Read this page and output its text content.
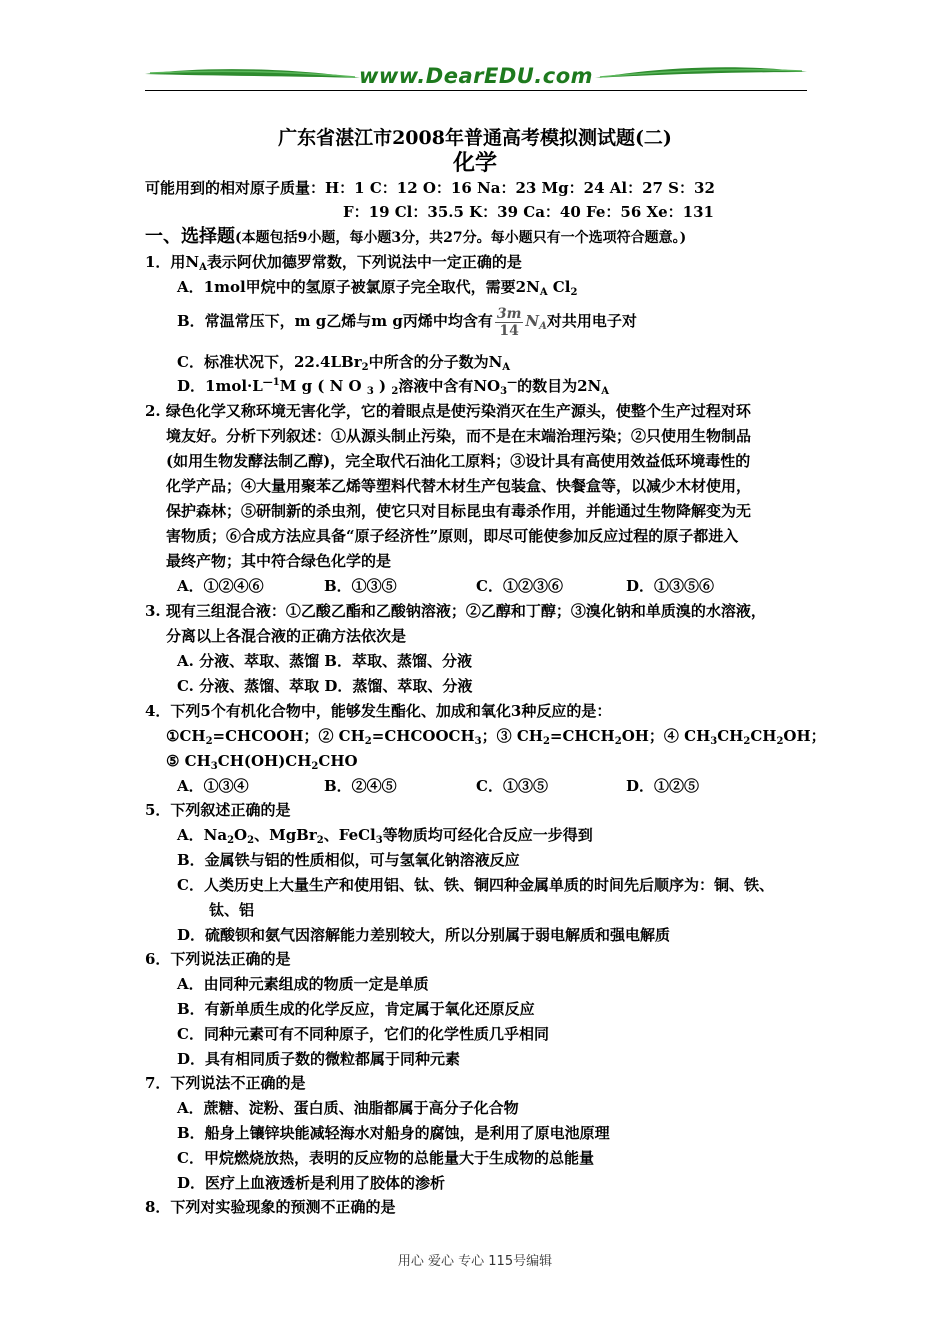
www.DearEDU.com
广东省湛江市2008年普通高考模拟测试题(二)
化学
可能用到的相对原子质量：H：1 C：12 O：16 Na：23 Mg：24 Al：27 S：32
F：19 Cl：35.5 K：39 Ca：40 Fe：56 Xe：131
一、选择题(本题包括9小题，每小题3分，共27分。每小题只有一个选项符合题意。)
1．用$N_A$表示阿伏加德罗常数，下列说法中一定正确的是
A．1mol甲烷中的氢原子被氯原子完全取代，需要$2N_A$ $Cl_2$
B．常温常压下，m g乙烯与m g丙烯中均含有 $\frac{3m}{14} N_A$对共用电子对
C．标准状况下，22.4LBr$_2$中所含的分子数为$N_A$
D．$1mol\cdot L^{—1}M$ g ( N O $_3$ ) $_2$溶液中含有$NO_3^—$的数目为$2N_A$
2. 绿色化学又称环境无害化学，它的着眼点是使污染消灭在生产源头，使整个生产过程对环
境友好。分析下列叙述：①从源头制止污染，而不是在末端治理污染；②只使用生物制品
(如用生物发酵法制乙醇)，完全取代石油化工原料；③设计具有高使用效益低环境毒性的
化学产品；④大量用聚苯乙烯等塑料代替木材生产包装盒、快餐盒等，以减少木材使用，
保护森林；⑤研制新的杀虫剂，使它只对目标昆虫有毒杀作用，并能通过生物降解变为无
害物质；⑥合成方法应具备“原子经济性”原则，即尽可能使参加反应过程的原子都进入
最终产物；其中符合绿色化学的是
A．①②④⑥	B．①③⑤	C．①②③⑥	D．①③⑤⑥
3. 现有三组混合液：①乙酸乙酯和乙酸钠溶液；②乙醇和丁醇；③溴化钠和单质溴的水溶液，
分离以上各混合液的正确方法依次是
A. 分液、萃取、蒸馏 B．萃取、蒸馏、分液
C. 分液、蒸馏、萃取 D．蒸馏、萃取、分液
4．下列5个有机化合物中，能够发生酯化、加成和氧化3种反应的是：
$①CH_2=CHCOOH$；② $CH_2=CHCOOCH_3$；③ $CH_2=CHCH_2OH$；④ $CH_3CH_2CH_2OH$；
⑤ $CH_3CH(OH)CH_2CHO$
A．①③④	B．②④⑤	C．①③⑤	D．①②⑤
5．下列叙述正确的是
A．$Na_2O_2$、MgBr$_2$、FeCl$_3$等物质均可经化合反应一步得到
B．金属铁与铝的性质相似，可与氢氧化钠溶液反应
C．人类历史上大量生产和使用铝、钛、铁、铜四种金属单质的时间先后顺序为：铜、铁、
钛、铝
D．硫酸钡和氨气因溶解能力差别较大，所以分别属于弱电解质和强电解质
6．下列说法正确的是
A．由同种元素组成的物质一定是单质
B．有新单质生成的化学反应，肯定属于氧化还原反应
C．同种元素可有不同种原子，它们的化学性质几乎相同
D．具有相同质子数的微粒都属于同种元素
7．下列说法不正确的是
A．蔗糖、淀粉、蛋白质、油脂都属于高分子化合物
B．船身上镶锌块能减轻海水对船身的腐蚀，是利用了原电池原理
C．甲烷燃烧放热，表明的反应物的总能量大于生成物的总能量
D．医疗上血液透析是利用了胶体的渗析
8．下列对实验现象的预测不正确的是
用心 爱心 专心 115号编辑
